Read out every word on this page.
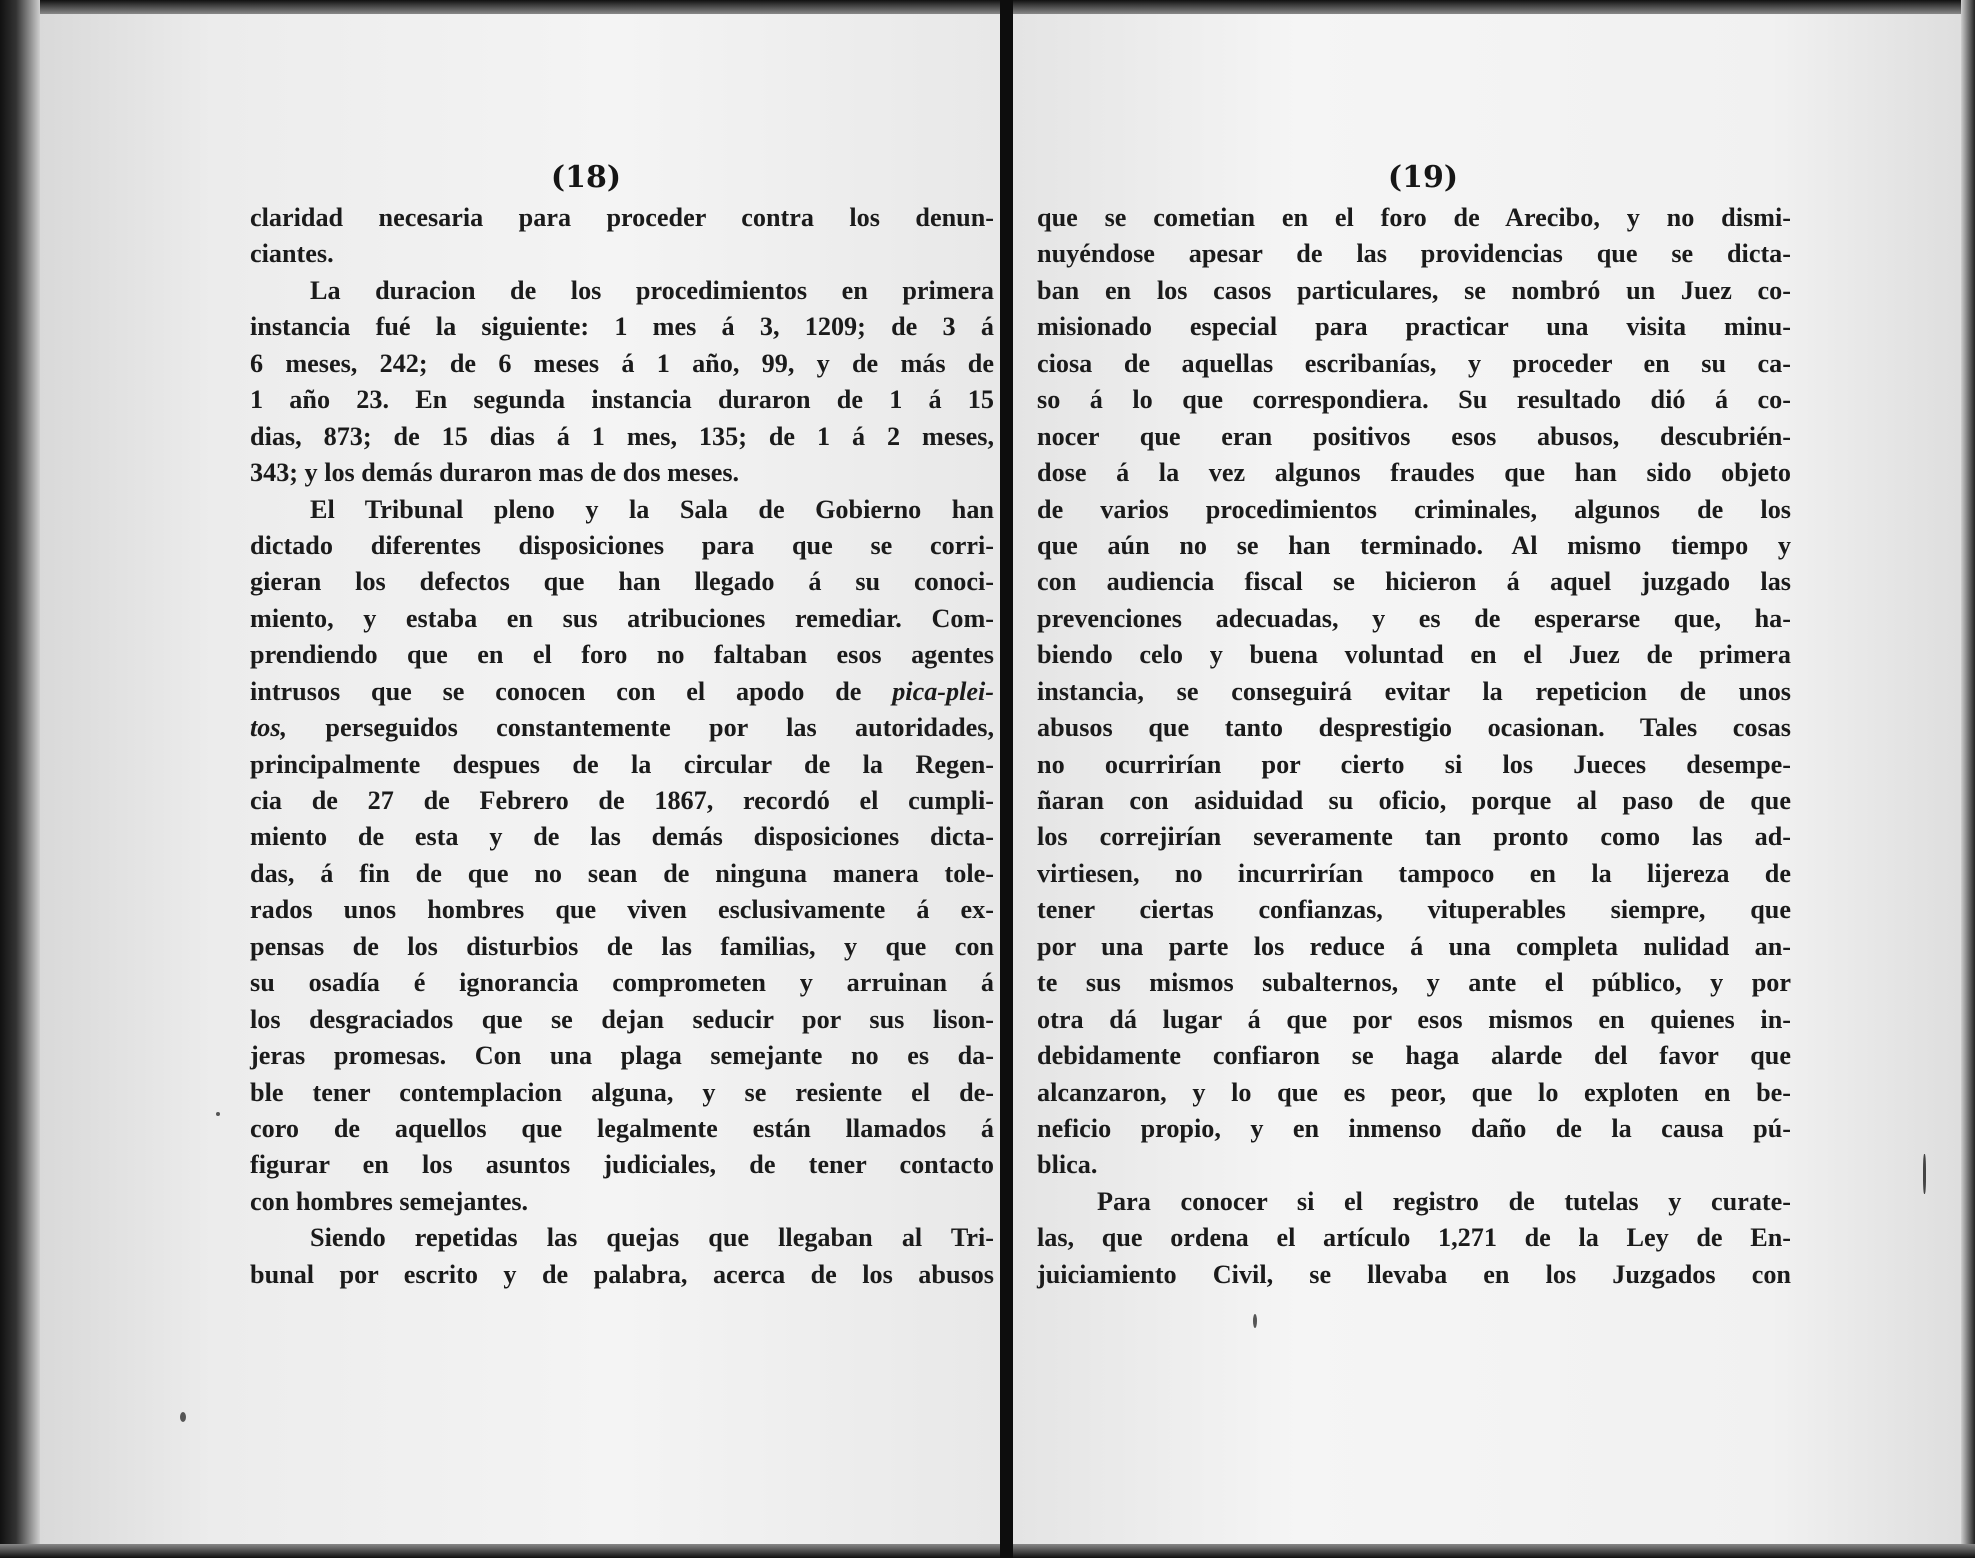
(18)
claridad necesaria para proceder contra los denun-
ciantes.
La duracion de los procedimientos en primera
instancia fué la siguiente: 1 mes á 3, 1209; de 3 á
6 meses, 242; de 6 meses á 1 año, 99, y de más de
1 año 23. En segunda instancia duraron de 1 á 15
dias, 873; de 15 dias á 1 mes, 135; de 1 á 2 meses,
343; y los demás duraron mas de dos meses.
El Tribunal pleno y la Sala de Gobierno han
dictado diferentes disposiciones para que se corri-
gieran los defectos que han llegado á su conoci-
miento, y estaba en sus atribuciones remediar. Com-
prendiendo que en el foro no faltaban esos agentes
intrusos que se conocen con el apodo de pica-plei-
tos, perseguidos constantemente por las autoridades,
principalmente despues de la circular de la Regen-
cia de 27 de Febrero de 1867, recordó el cumpli-
miento de esta y de las demás disposiciones dicta-
das, á fin de que no sean de ninguna manera tole-
rados unos hombres que viven esclusivamente á ex-
pensas de los disturbios de las familias, y que con
su osadía é ignorancia comprometen y arruinan á
los desgraciados que se dejan seducir por sus lison-
jeras promesas. Con una plaga semejante no es da-
ble tener contemplacion alguna, y se resiente el de-
coro de aquellos que legalmente están llamados á
figurar en los asuntos judiciales, de tener contacto
con hombres semejantes.
Siendo repetidas las quejas que llegaban al Tri-
bunal por escrito y de palabra, acerca de los abusos
(19)
que se cometian en el foro de Arecibo, y no dismi-
nuyéndose apesar de las providencias que se dicta-
ban en los casos particulares, se nombró un Juez co-
misionado especial para practicar una visita minu-
ciosa de aquellas escribanías, y proceder en su ca-
so á lo que correspondiera. Su resultado dió á co-
nocer que eran positivos esos abusos, descubrién-
dose á la vez algunos fraudes que han sido objeto
de varios procedimientos criminales, algunos de los
que aún no se han terminado. Al mismo tiempo y
con audiencia fiscal se hicieron á aquel juzgado las
prevenciones adecuadas, y es de esperarse que, ha-
biendo celo y buena voluntad en el Juez de primera
instancia, se conseguirá evitar la repeticion de unos
abusos que tanto desprestigio ocasionan. Tales cosas
no ocurrirían por cierto si los Jueces desempe-
ñaran con asiduidad su oficio, porque al paso de que
los correjirían severamente tan pronto como las ad-
virtiesen, no incurrirían tampoco en la lijereza de
tener ciertas confianzas, vituperables siempre, que
por una parte los reduce á una completa nulidad an-
te sus mismos subalternos, y ante el público, y por
otra dá lugar á que por esos mismos en quienes in-
debidamente confiaron se haga alarde del favor que
alcanzaron, y lo que es peor, que lo exploten en be-
neficio propio, y en inmenso daño de la causa pú-
blica.
Para conocer si el registro de tutelas y curate-
las, que ordena el artículo 1,271 de la Ley de En-
juiciamiento Civil, se llevaba en los Juzgados con
